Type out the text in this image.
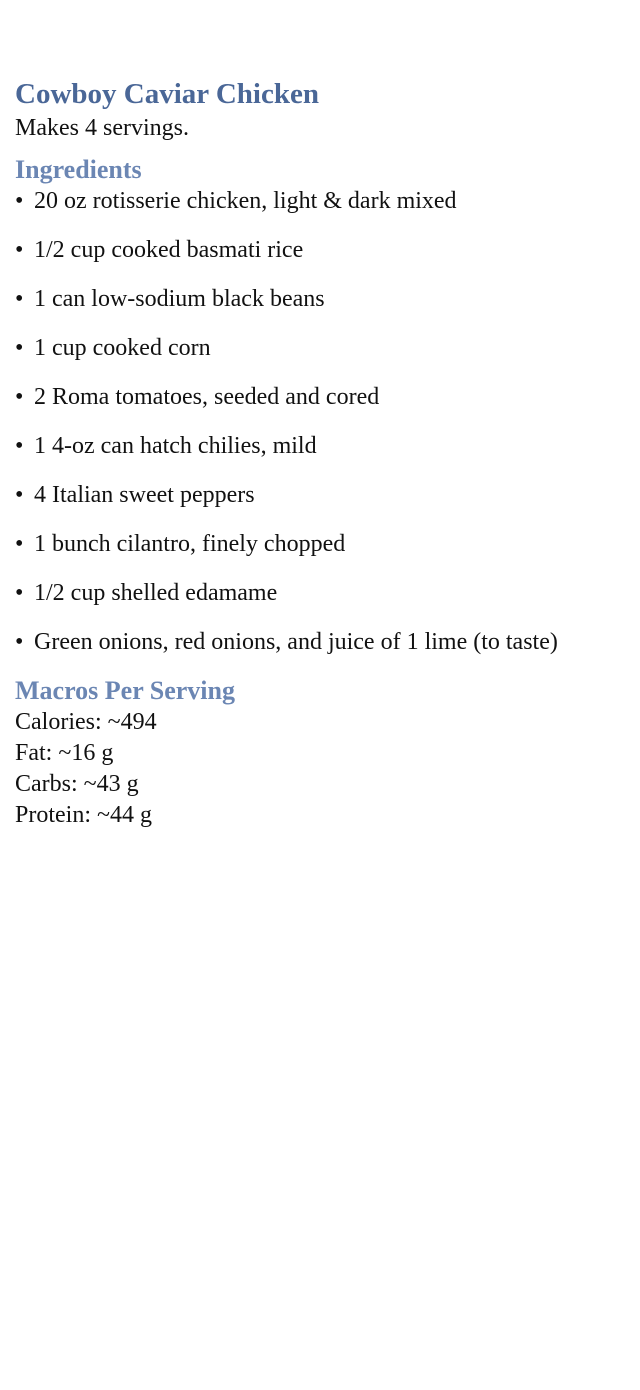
Cowboy Caviar Chicken

Makes 4 servings.

Ingredients
• 20 oz rotisserie chicken, light & dark mixed
• 1/2 cup cooked basmati rice
• 1 can low-sodium black beans
• 1 cup cooked corn
• 2 Roma tomatoes, seeded and cored
• 1 4-oz can hatch chilies, mild
• 4 Italian sweet peppers
• 1 bunch cilantro, finely chopped
• 1/2 cup shelled edamame
• Green onions, red onions, and juice of 1 lime (to taste)
Macros Per Serving

Calories: ~494

Fat: ~16 g

Carbs: ~43 g

Protein: ~44 g
